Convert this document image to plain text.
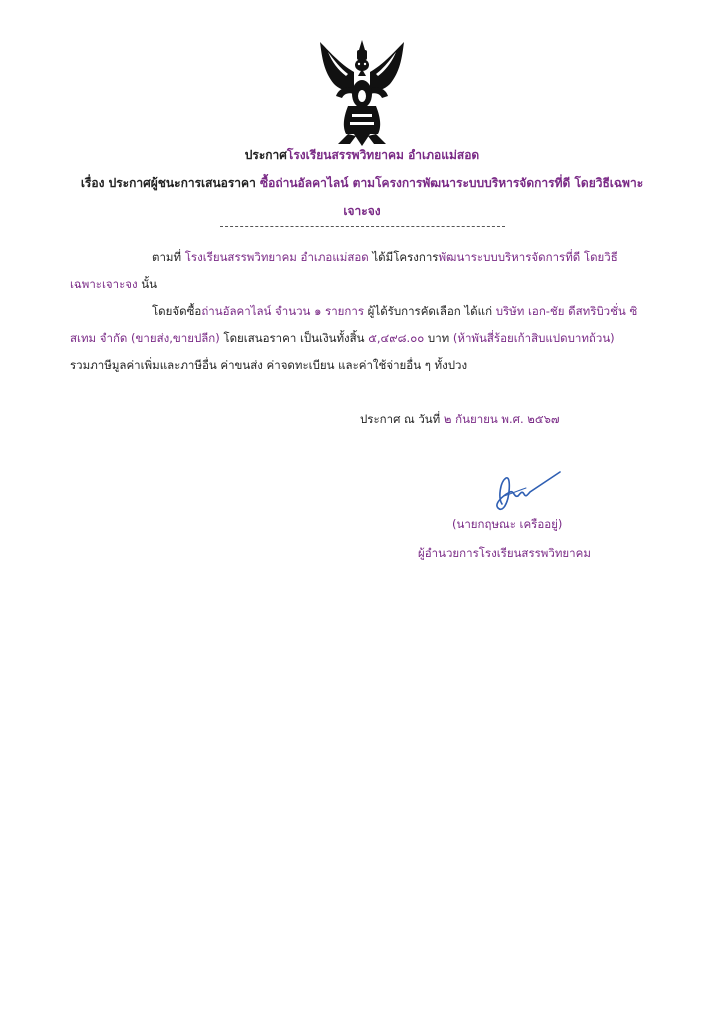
ประกาศโรงเรียนสรรพวิทยาคม อำเภอแม่สอด
เรื่อง ประกาศผู้ชนะการเสนอราคา ซื้อถ่านอัลคาไลน์ ตามโครงการพัฒนาระบบบริหารจัดการที่ดี โดยวิธีเฉพาะ
เจาะจง
ตามที่ โรงเรียนสรรพวิทยาคม อำเภอแม่สอด ได้มีโครงการพัฒนาระบบบริหารจัดการที่ดี โดยวิธี
เฉพาะเจาะจง นั้น
โดยจัดซื้อถ่านอัลคาไลน์ จำนวน ๑ รายการ ผู้ได้รับการคัดเลือก ได้แก่ บริษัท เอก-ชัย ดีสทริบิวชั่น ซิ
สเทม จำกัด (ขายส่ง,ขายปลีก) โดยเสนอราคา เป็นเงินทั้งสิ้น ๕,๔๙๘.๐๐ บาท (ห้าพันสี่ร้อยเก้าสิบแปดบาทถ้วน)
รวมภาษีมูลค่าเพิ่มและภาษีอื่น ค่าขนส่ง ค่าจดทะเบียน และค่าใช้จ่ายอื่น ๆ ทั้งปวง
ประกาศ ณ วันที่ ๒ กันยายน พ.ศ. ๒๕๖๗
(นายกฤษณะ เครืออยู่)
ผู้อำนวยการโรงเรียนสรรพวิทยาคม
